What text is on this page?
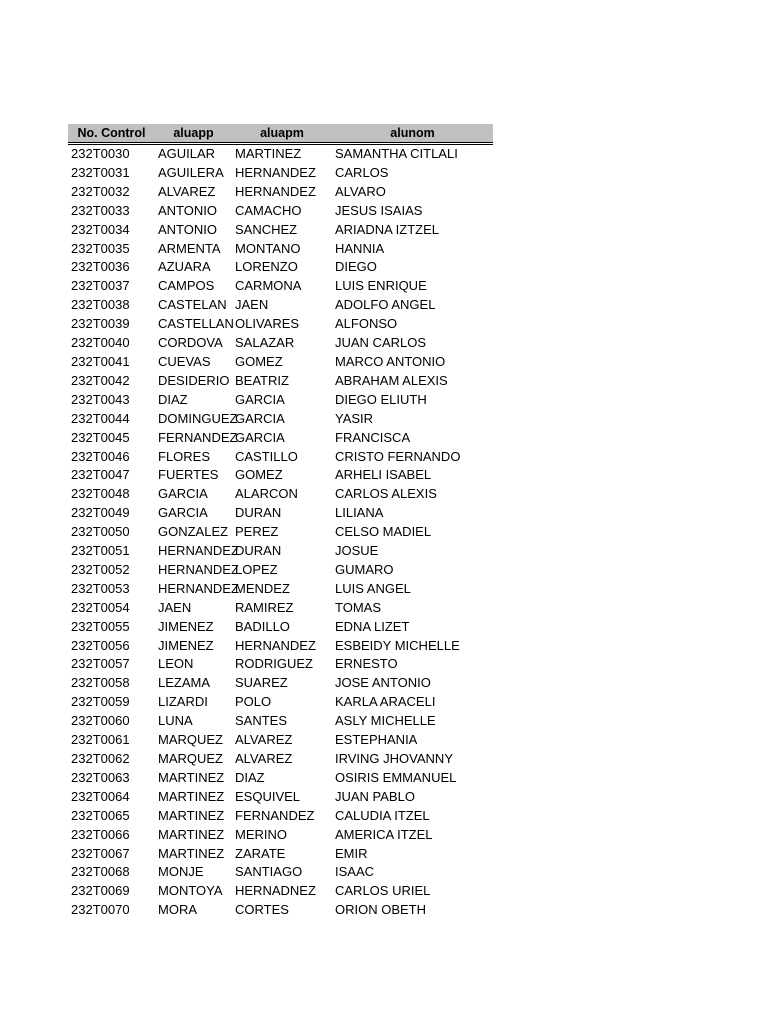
No. Control	aluapp	aluapm	alunom
232T0030	AGUILAR	MARTINEZ	SAMANTHA CITLALI
232T0031	AGUILERA	HERNANDEZ	CARLOS
232T0032	ALVAREZ	HERNANDEZ	ALVARO
232T0033	ANTONIO	CAMACHO	JESUS ISAIAS
232T0034	ANTONIO	SANCHEZ	ARIADNA IZTZEL
232T0035	ARMENTA	MONTANO	HANNIA
232T0036	AZUARA	LORENZO	DIEGO
232T0037	CAMPOS	CARMONA	LUIS ENRIQUE
232T0038	CASTELAN	JAEN	ADOLFO ANGEL
232T0039	CASTELLAN	OLIVARES	ALFONSO
232T0040	CORDOVA	SALAZAR	JUAN CARLOS
232T0041	CUEVAS	GOMEZ	MARCO ANTONIO
232T0042	DESIDERIO	BEATRIZ	ABRAHAM ALEXIS
232T0043	DIAZ	GARCIA	DIEGO ELIUTH
232T0044	DOMINGUEZ	GARCIA	YASIR
232T0045	FERNANDEZ	GARCIA	FRANCISCA
232T0046	FLORES	CASTILLO	CRISTO FERNANDO
232T0047	FUERTES	GOMEZ	ARHELI ISABEL
232T0048	GARCIA	ALARCON	CARLOS ALEXIS
232T0049	GARCIA	DURAN	LILIANA
232T0050	GONZALEZ	PEREZ	CELSO MADIEL
232T0051	HERNANDEZ	DURAN	JOSUE
232T0052	HERNANDEZ	LOPEZ	GUMARO
232T0053	HERNANDEZ	MENDEZ	LUIS ANGEL
232T0054	JAEN	RAMIREZ	TOMAS
232T0055	JIMENEZ	BADILLO	EDNA LIZET
232T0056	JIMENEZ	HERNANDEZ	ESBEIDY MICHELLE
232T0057	LEON	RODRIGUEZ	ERNESTO
232T0058	LEZAMA	SUAREZ	JOSE ANTONIO
232T0059	LIZARDI	POLO	KARLA ARACELI
232T0060	LUNA	SANTES	ASLY MICHELLE
232T0061	MARQUEZ	ALVAREZ	ESTEPHANIA
232T0062	MARQUEZ	ALVAREZ	IRVING JHOVANNY
232T0063	MARTINEZ	DIAZ	OSIRIS EMMANUEL
232T0064	MARTINEZ	ESQUIVEL	JUAN PABLO
232T0065	MARTINEZ	FERNANDEZ	CALUDIA ITZEL
232T0066	MARTINEZ	MERINO	AMERICA ITZEL
232T0067	MARTINEZ	ZARATE	EMIR
232T0068	MONJE	SANTIAGO	ISAAC
232T0069	MONTOYA	HERNADNEZ	CARLOS URIEL
232T0070	MORA	CORTES	ORION OBETH
